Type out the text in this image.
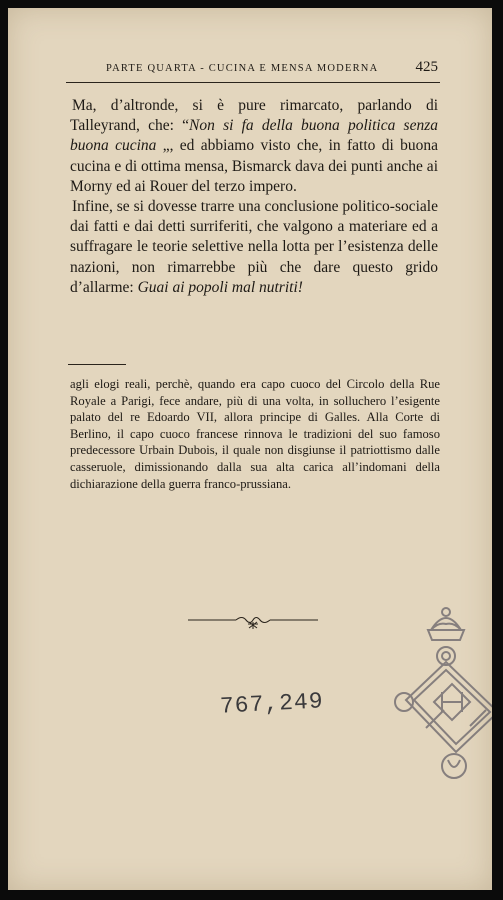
PARTE QUARTA - CUCINA E MENSA MODERNA 425

Ma, d’altronde, si è pure rimarcato, parlando di Talleyrand, che: “Non si fa della buona politica senza buona cucina „, ed abbiamo visto che, in fatto di buona cucina e di ottima mensa, Bismarck dava dei punti anche ai Morny ed ai Rouer del terzo impero.

Infine, se si dovesse trarre una conclusione politico-sociale dai fatti e dai detti surriferiti, che valgono a materiare ed a suffragare le teorie selettive nella lotta per l’esistenza delle nazioni, non rimarrebbe più che dare questo grido d’allarme: Guai ai popoli mal nutriti!

agli elogi reali, perchè, quando era capo cuoco del Circolo della Rue Royale a Parigi, fece andare, più di una volta, in solluchero l’esigente palato del re Edoardo VII, allora principe di Galles. Alla Corte di Berlino, il capo cuoco francese rinnova le tradizioni del suo famoso predecessore Urbain Dubois, il quale non disgiunse il patriottismo dalle casseruole, dimissionando dalla sua alta carica all’indomani della dichiarazione della guerra franco-prussiana.

767,249
